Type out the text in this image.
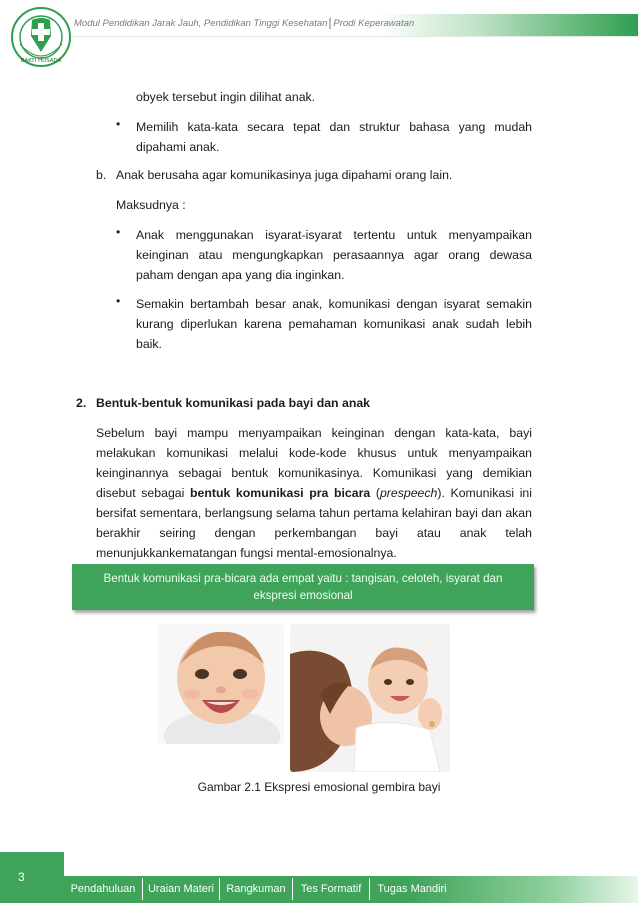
Modul Pendidikan Jarak Jauh, Pendidikan Tinggi Kesehatan│Prodi Keperawatan
BAKTI HUSADA
obyek tersebut ingin dilihat anak.
• Memilih kata-kata secara tepat dan struktur bahasa yang mudah dipahami anak.
b. Anak berusaha agar komunikasinya juga dipahami orang lain.
Maksudnya :
• Anak menggunakan isyarat-isyarat tertentu untuk menyampaikan keinginan atau mengungkapkan perasaannya agar orang dewasa paham dengan apa yang dia inginkan.
• Semakin bertambah besar anak, komunikasi dengan isyarat semakin kurang diperlukan karena pemahaman komunikasi anak sudah lebih baik.
2. Bentuk-bentuk komunikasi pada bayi dan anak
Sebelum bayi mampu menyampaikan keinginan dengan kata-kata, bayi melakukan komunikasi melalui kode-kode khusus untuk menyampaikan keinginannya sebagai bentuk komunikasinya. Komunikasi yang demikian disebut sebagai bentuk komunikasi pra bicara (prespeech). Komunikasi ini bersifat sementara, berlangsung selama tahun pertama kelahiran bayi dan akan berakhir seiring dengan perkembangan bayi atau anak telah menunjukkankematangan fungsi mental-emosionalnya.
Bentuk komunikasi pra-bicara ada empat yaitu : tangisan, celoteh, isyarat dan ekspresi emosional
Gambar 2.1 Ekspresi emosional gembira bayi
3
Pendahuluan	Uraian Materi	Rangkuman	Tes Formatif	Tugas Mandiri
